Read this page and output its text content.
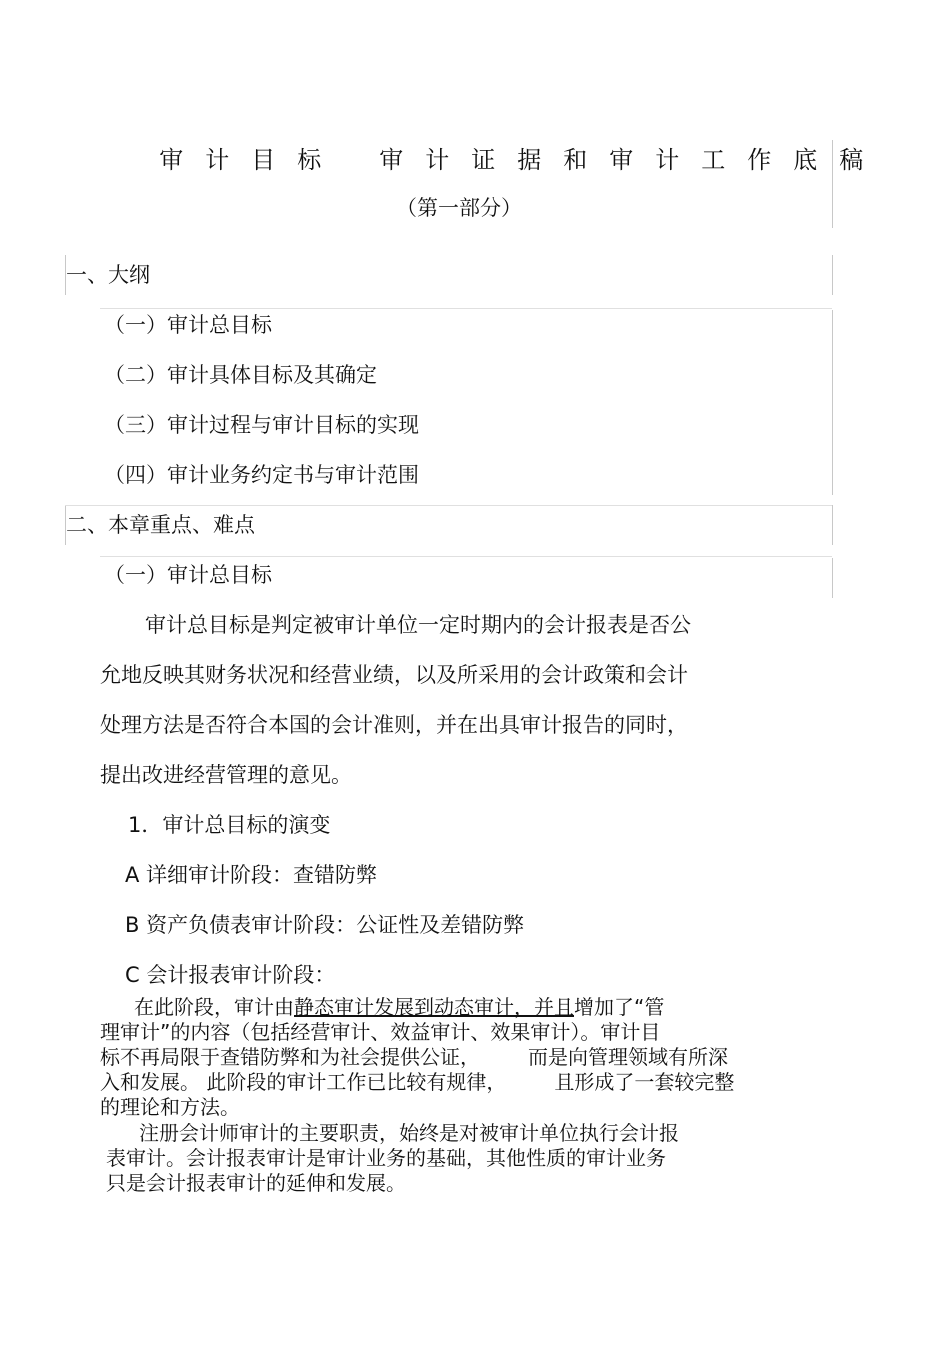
审计目标 审计证据和审计工作底稿

（第一部分）
一、大纲
（一）审计总目标
（二）审计具体目标及其确定
（三）审计过程与审计目标的实现
（四）审计业务约定书与审计范围
二、本章重点、难点
（一）审计总目标
审计总目标是判定被审计单位一定时期内的会计报表是否公
允地反映其财务状况和经营业绩，以及所采用的会计政策和会计
处理方法是否符合本国的会计准则，并在出具审计报告的同时，
提出改进经营管理的意见。
1．审计总目标的演变
A 详细审计阶段：查错防弊
B 资产负债表审计阶段：公证性及差错防弊
C 会计报表审计阶段：
在此阶段，审计由静态审计发展到动态审计，并且增加了“管
理审计”的内容（包括经营审计、效益审计、效果审计）。审计目
标不再局限于查错防弊和为社会提供公证， 而是向管理领域有所深
入和发展。 此阶段的审计工作已比较有规律， 且形成了一套较完整
的理论和方法。
注册会计师审计的主要职责，始终是对被审计单位执行会计报
表审计。会计报表审计是审计业务的基础，其他性质的审计业务
只是会计报表审计的延伸和发展。
